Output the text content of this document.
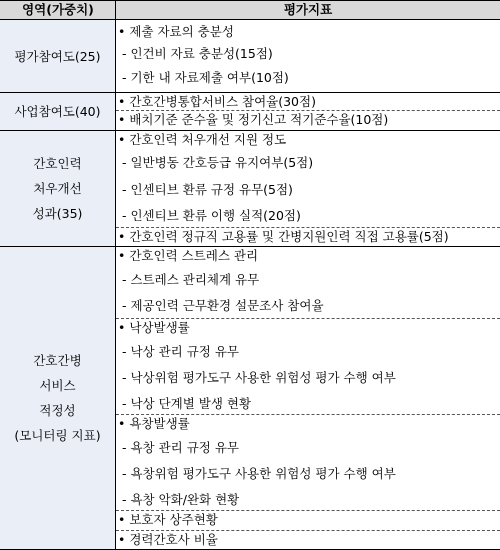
영역(가중치)	평가지표
평가참여도(25)
사업참여도(40)
간호인력
처우개선
성과(35)
간호간병
서비스
적정성
(모니터링 지표)
• 제출 자료의 충분성
- 인건비 자료 충분성(15점)
- 기한 내 자료제출 여부(10점)
• 간호간병통합서비스 참여율(30점)
• 배치기준 준수율 및 정기신고 적기준수율(10점)
• 간호인력 처우개선 지원 정도
- 일반병동 간호등급 유지여부(5점)
- 인센티브 환류 규정 유무(5점)
- 인센티브 환류 이행 실적(20점)
• 간호인력 정규직 고용률 및 간병지원인력 직접 고용률(5점)
• 간호인력 스트레스 관리
- 스트레스 관리체계 유무
- 제공인력 근무환경 설문조사 참여율
• 낙상발생률
- 낙상 관리 규정 유무
- 낙상위험 평가도구 사용한 위험성 평가 수행 여부
- 낙상 단계별 발생 현황
• 욕창발생률
- 욕창 관리 규정 유무
- 욕창위험 평가도구 사용한 위험성 평가 수행 여부
- 욕창 악화/완화 현황
• 보호자 상주현황
• 경력간호사 비율
